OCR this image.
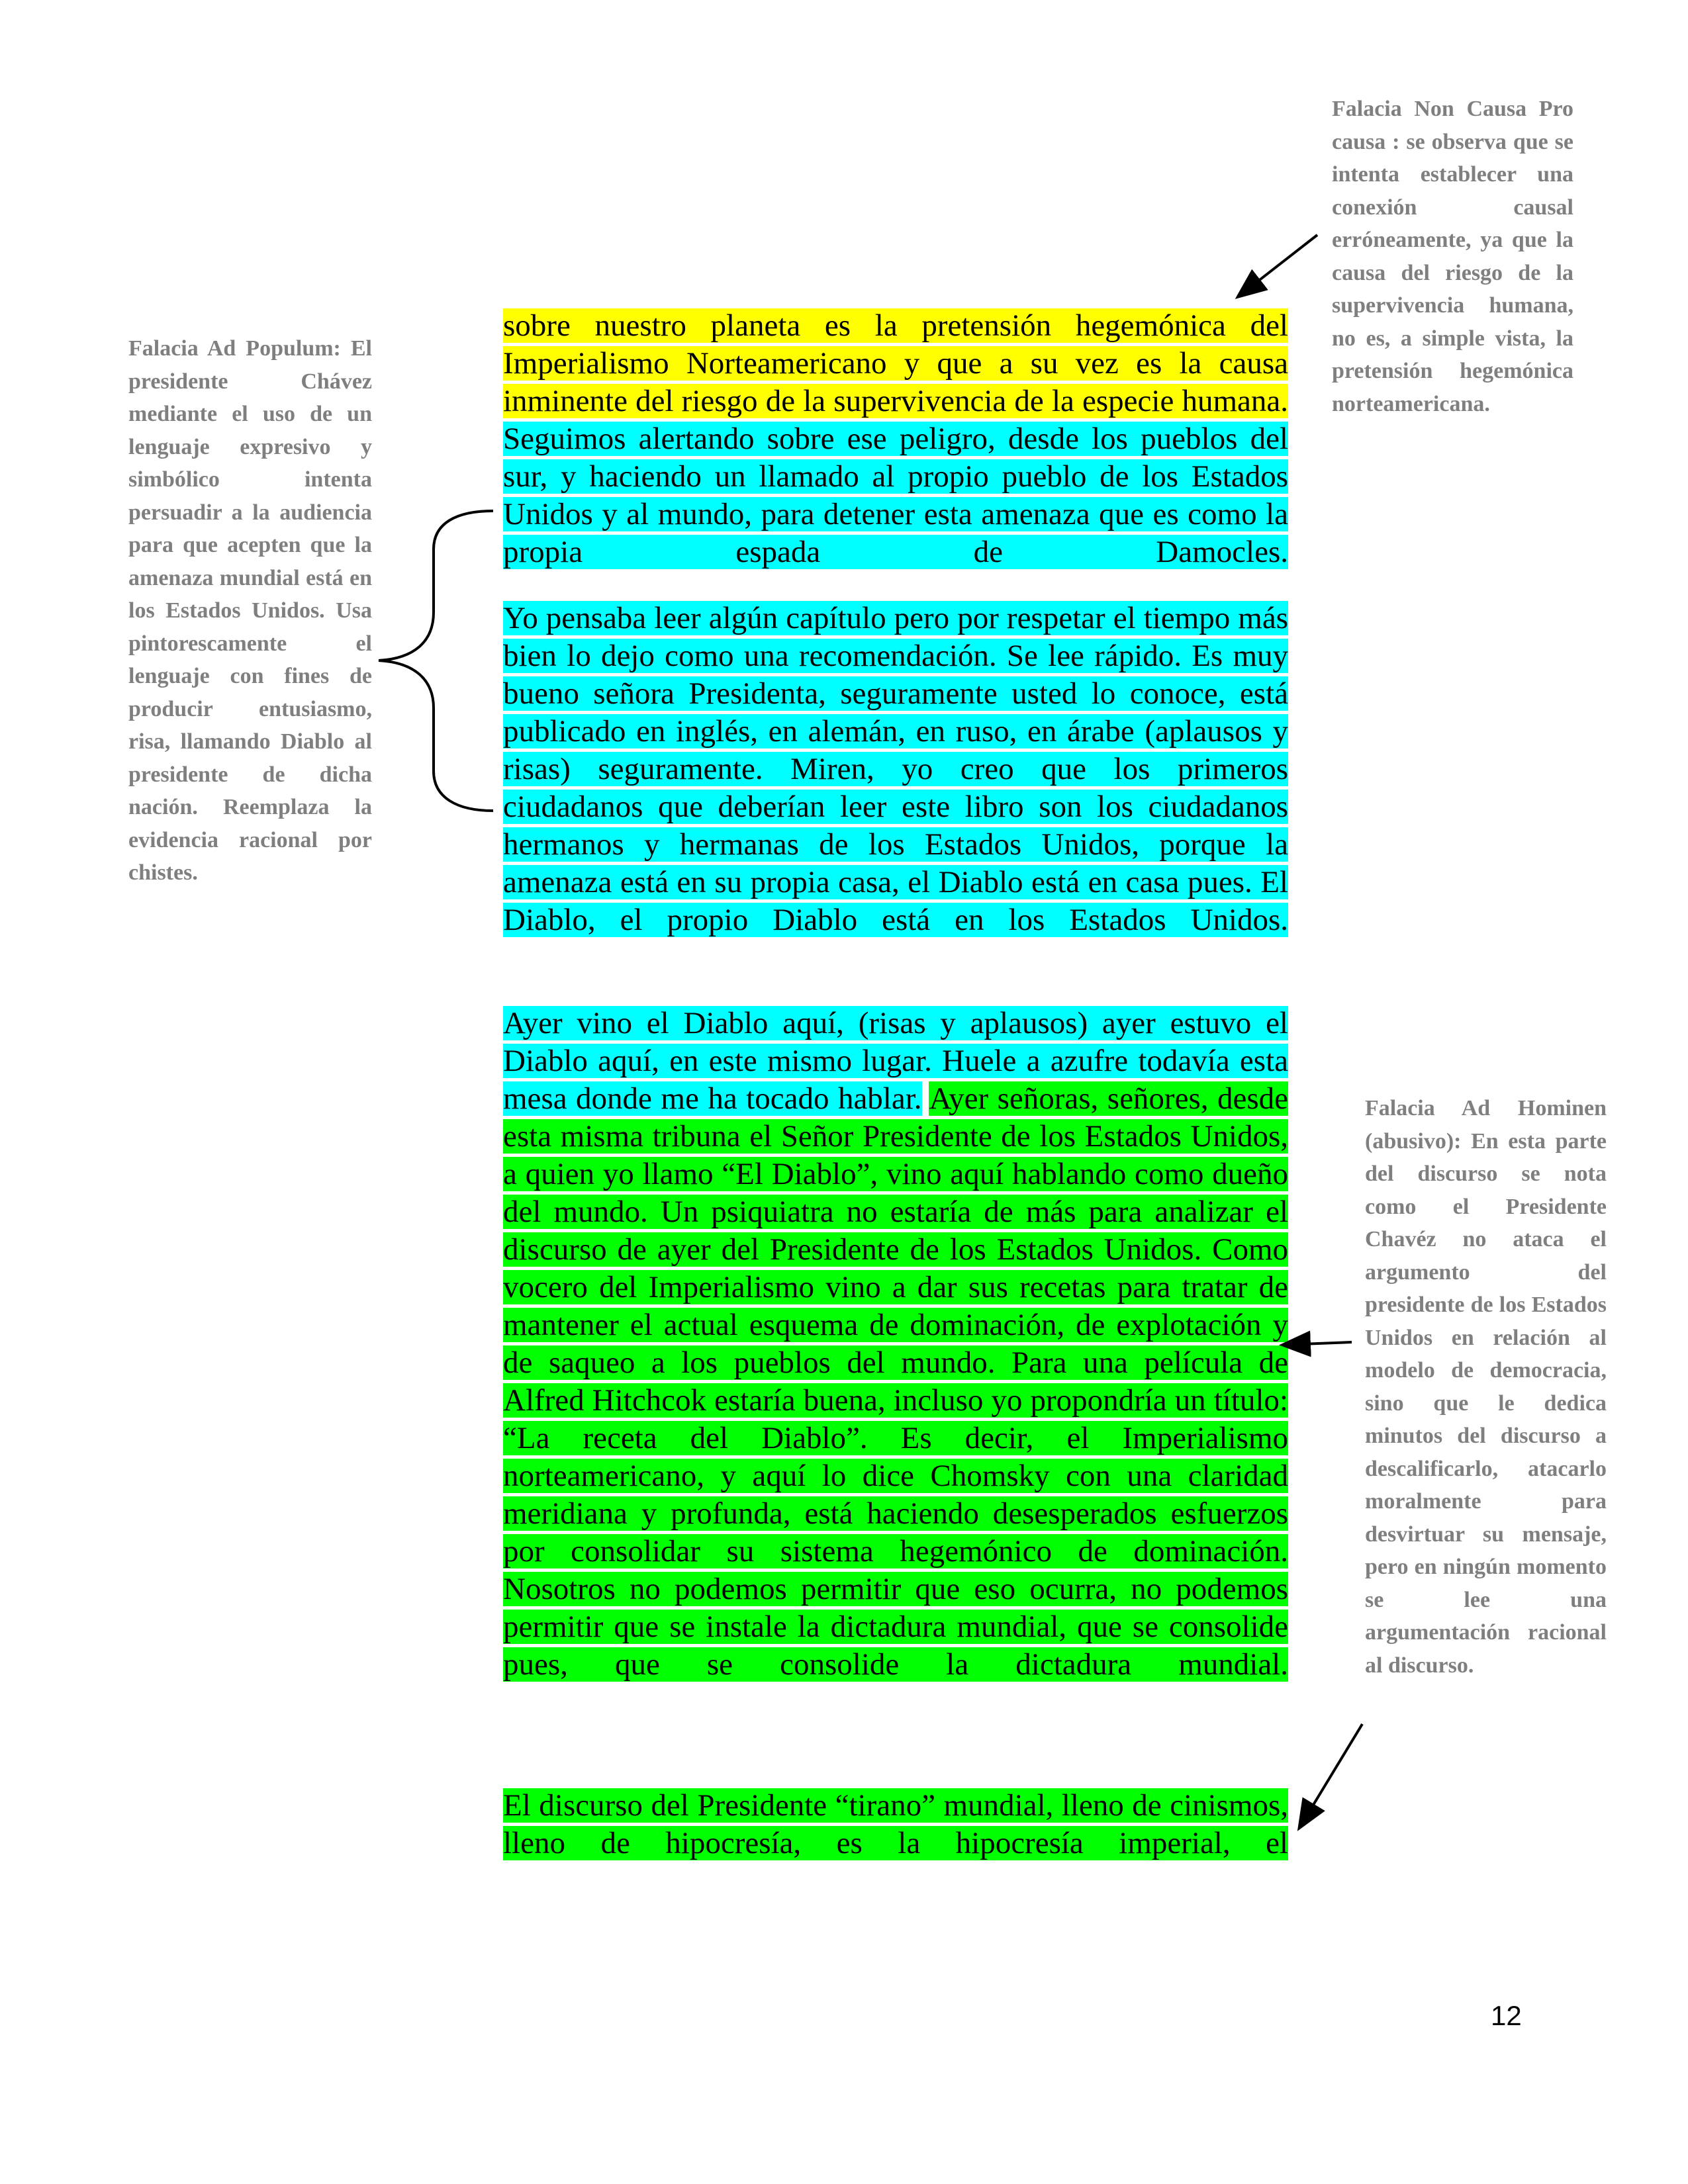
sobre nuestro planeta es la pretensión hegemónica del Imperialismo Norteamericano y que a su vez es la causa inminente del riesgo de la supervivencia de la especie humana. Seguimos alertando sobre ese peligro, desde los pueblos del sur, y haciendo un llamado al propio pueblo de los Estados Unidos y al mundo, para detener esta amenaza que es como la propia espada de Damocles.

Yo pensaba leer algún capítulo pero por respetar el tiempo más bien lo dejo como una recomendación. Se lee rápido. Es muy bueno señora Presidenta, seguramente usted lo conoce, está publicado en inglés, en alemán, en ruso, en árabe (aplausos y risas) seguramente. Miren, yo creo que los primeros ciudadanos que deberían leer este libro son los ciudadanos hermanos y hermanas de los Estados Unidos, porque la amenaza está en su propia casa, el Diablo está en casa pues. El Diablo, el propio Diablo está en los Estados Unidos.

Ayer vino el Diablo aquí, (risas y aplausos) ayer estuvo el Diablo aquí, en este mismo lugar. Huele a azufre todavía esta mesa donde me ha tocado hablar. Ayer señoras, señores, desde esta misma tribuna el Señor Presidente de los Estados Unidos, a quien yo llamo “El Diablo”, vino aquí hablando como dueño del mundo. Un psiquiatra no estaría de más para analizar el discurso de ayer del Presidente de los Estados Unidos. Como vocero del Imperialismo vino a dar sus recetas para tratar de mantener el actual esquema de dominación, de explotación y de saqueo a los pueblos del mundo. Para una película de Alfred Hitchcok estaría buena, incluso yo propondría un título: “La receta del Diablo”. Es decir, el Imperialismo norteamericano, y aquí lo dice Chomsky con una claridad meridiana y profunda, está haciendo desesperados esfuerzos por consolidar su sistema hegemónico de dominación. Nosotros no podemos permitir que eso ocurra, no podemos permitir que se instale la dictadura mundial, que se consolide pues, que se consolide la dictadura mundial.

El discurso del Presidente “tirano” mundial, lleno de cinismos, lleno de hipocresía, es la hipocresía imperial, el

Falacia Non Causa Pro causa : se observa que se intenta establecer una conexión causal erróneamente, ya que la causa del riesgo de la supervivencia humana, no es, a simple vista, la pretensión hegemónica norteamericana.

Falacia Ad Populum: El presidente Chávez mediante el uso de un lenguaje expresivo y simbólico intenta persuadir a la audiencia para que acepten que la amenaza mundial está en los Estados Unidos. Usa pintorescamente el lenguaje con fines de producir entusiasmo, risa, llamando Diablo al presidente de dicha nación. Reemplaza la evidencia racional por chistes.

Falacia Ad Hominen (abusivo): En esta parte del discurso se nota como el Presidente Chavéz no ataca el argumento del presidente de los Estados Unidos en relación al modelo de democracia, sino que le dedica minutos del discurso a descalificarlo, atacarlo moralmente para desvirtuar su mensaje, pero en ningún momento se lee una argumentación racional al discurso.

12
